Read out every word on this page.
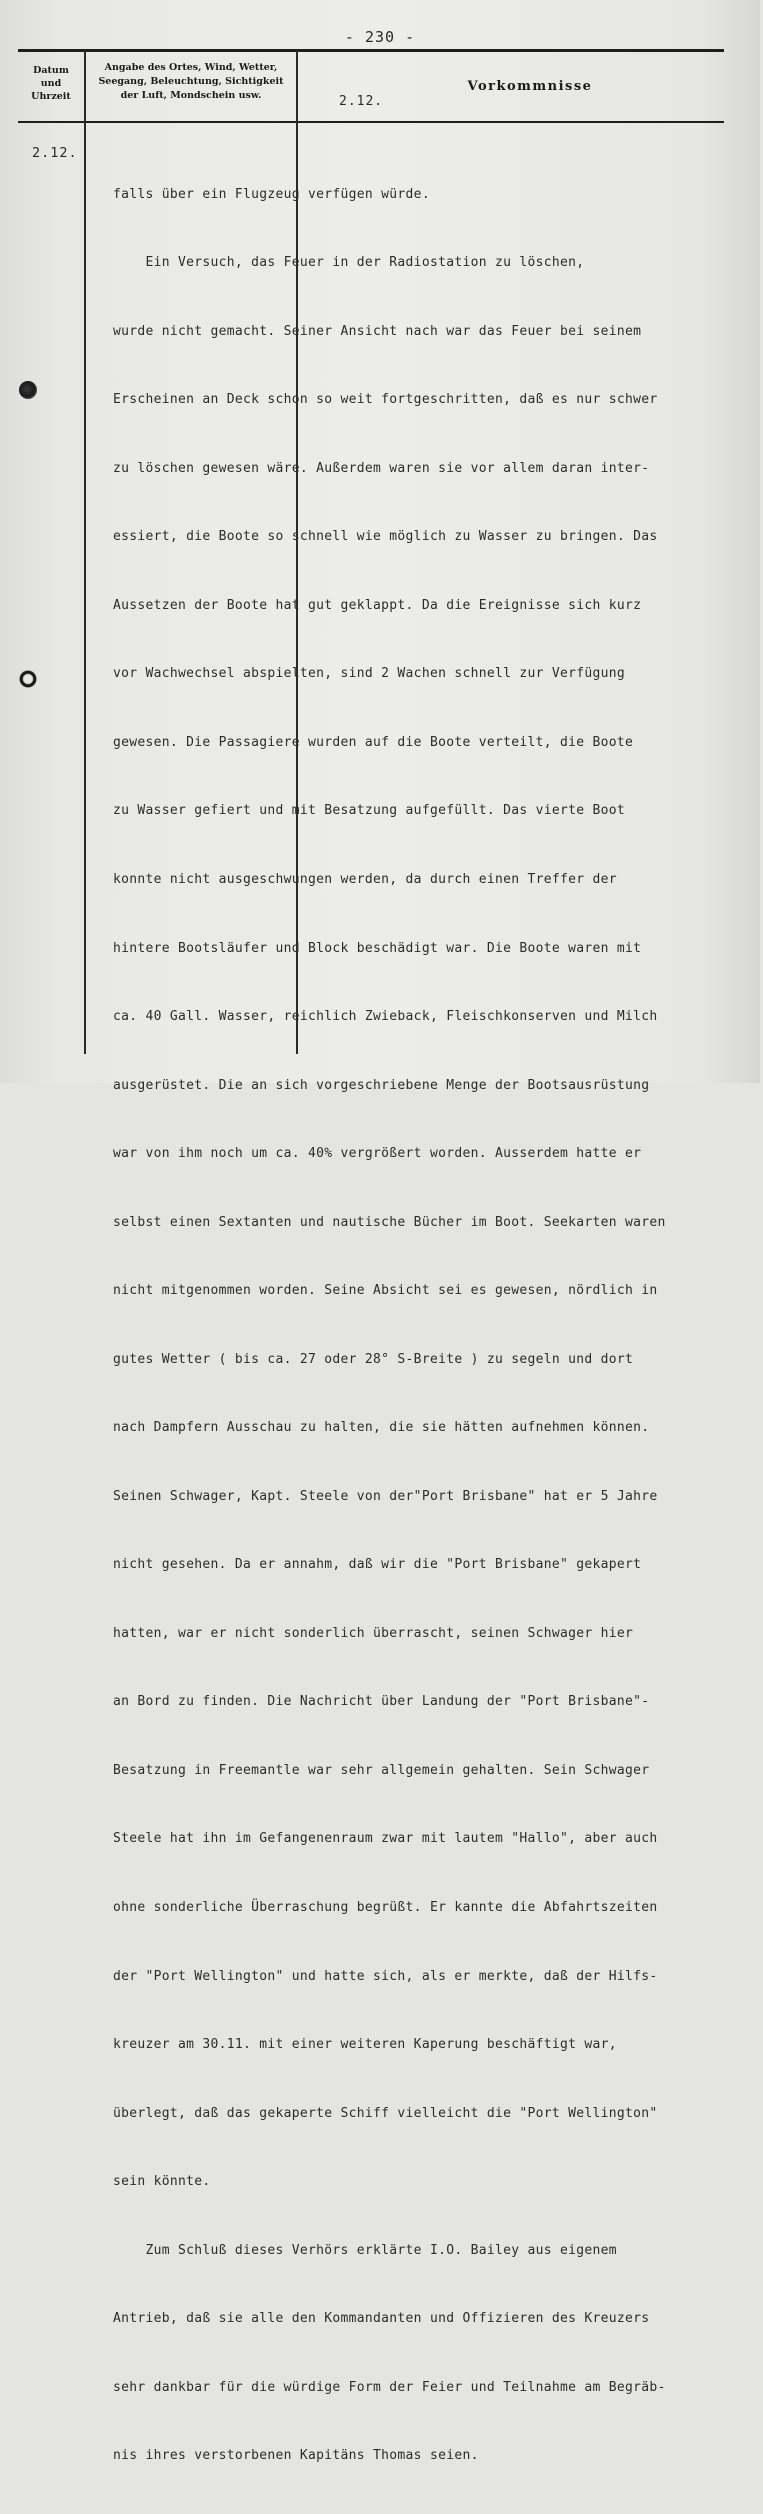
- 230 -
Datum und Uhrzeit
Angabe des Ortes, Wind, Wetter, Seegang, Beleuchtung, Sichtigkeit der Luft, Mondschein usw.
Vorkommnisse
2.12.
2.12.

falls über ein Flugzeug verfügen würde.

Ein Versuch, das Feuer in der Radiostation zu löschen,

wurde nicht gemacht. Seiner Ansicht nach war das Feuer bei seinem

Erscheinen an Deck schon so weit fortgeschritten, daß es nur schwer

zu löschen gewesen wäre. Außerdem waren sie vor allem daran inter-

essiert, die Boote so schnell wie möglich zu Wasser zu bringen. Das

Aussetzen der Boote hat gut geklappt. Da die Ereignisse sich kurz

vor Wachwechsel abspielten, sind 2 Wachen schnell zur Verfügung

gewesen. Die Passagiere wurden auf die Boote verteilt, die Boote

zu Wasser gefiert und mit Besatzung aufgefüllt. Das vierte Boot

konnte nicht ausgeschwungen werden, da durch einen Treffer der

hintere Bootsläufer und Block beschädigt war. Die Boote waren mit

ca. 40 Gall. Wasser, reichlich Zwieback, Fleischkonserven und Milch

ausgerüstet. Die an sich vorgeschriebene Menge der Bootsausrüstung

war von ihm noch um ca. 40% vergrößert worden. Ausserdem hatte er

selbst einen Sextanten und nautische Bücher im Boot. Seekarten waren

nicht mitgenommen worden. Seine Absicht sei es gewesen, nördlich in

gutes Wetter ( bis ca. 27 oder 28° S-Breite ) zu segeln und dort

nach Dampfern Ausschau zu halten, die sie hätten aufnehmen können.

Seinen Schwager, Kapt. Steele von der"Port Brisbane" hat er 5 Jahre

nicht gesehen. Da er annahm, daß wir die "Port Brisbane" gekapert

hatten, war er nicht sonderlich überrascht, seinen Schwager hier

an Bord zu finden. Die Nachricht über Landung der "Port Brisbane"-

Besatzung in Freemantle war sehr allgemein gehalten. Sein Schwager

Steele hat ihn im Gefangenenraum zwar mit lautem "Hallo", aber auch

ohne sonderliche Überraschung begrüßt. Er kannte die Abfahrtszeiten

der "Port Wellington" und hatte sich, als er merkte, daß der Hilfs-

kreuzer am 30.11. mit einer weiteren Kaperung beschäftigt war,

überlegt, daß das gekaperte Schiff vielleicht die "Port Wellington"

sein könnte.

Zum Schluß dieses Verhörs erklärte I.O. Bailey aus eigenem

Antrieb, daß sie alle den Kommandanten und Offizieren des Kreuzers

sehr dankbar für die würdige Form der Feier und Teilnahme am Begräb-

nis ihres verstorbenen Kapitäns Thomas seien.
